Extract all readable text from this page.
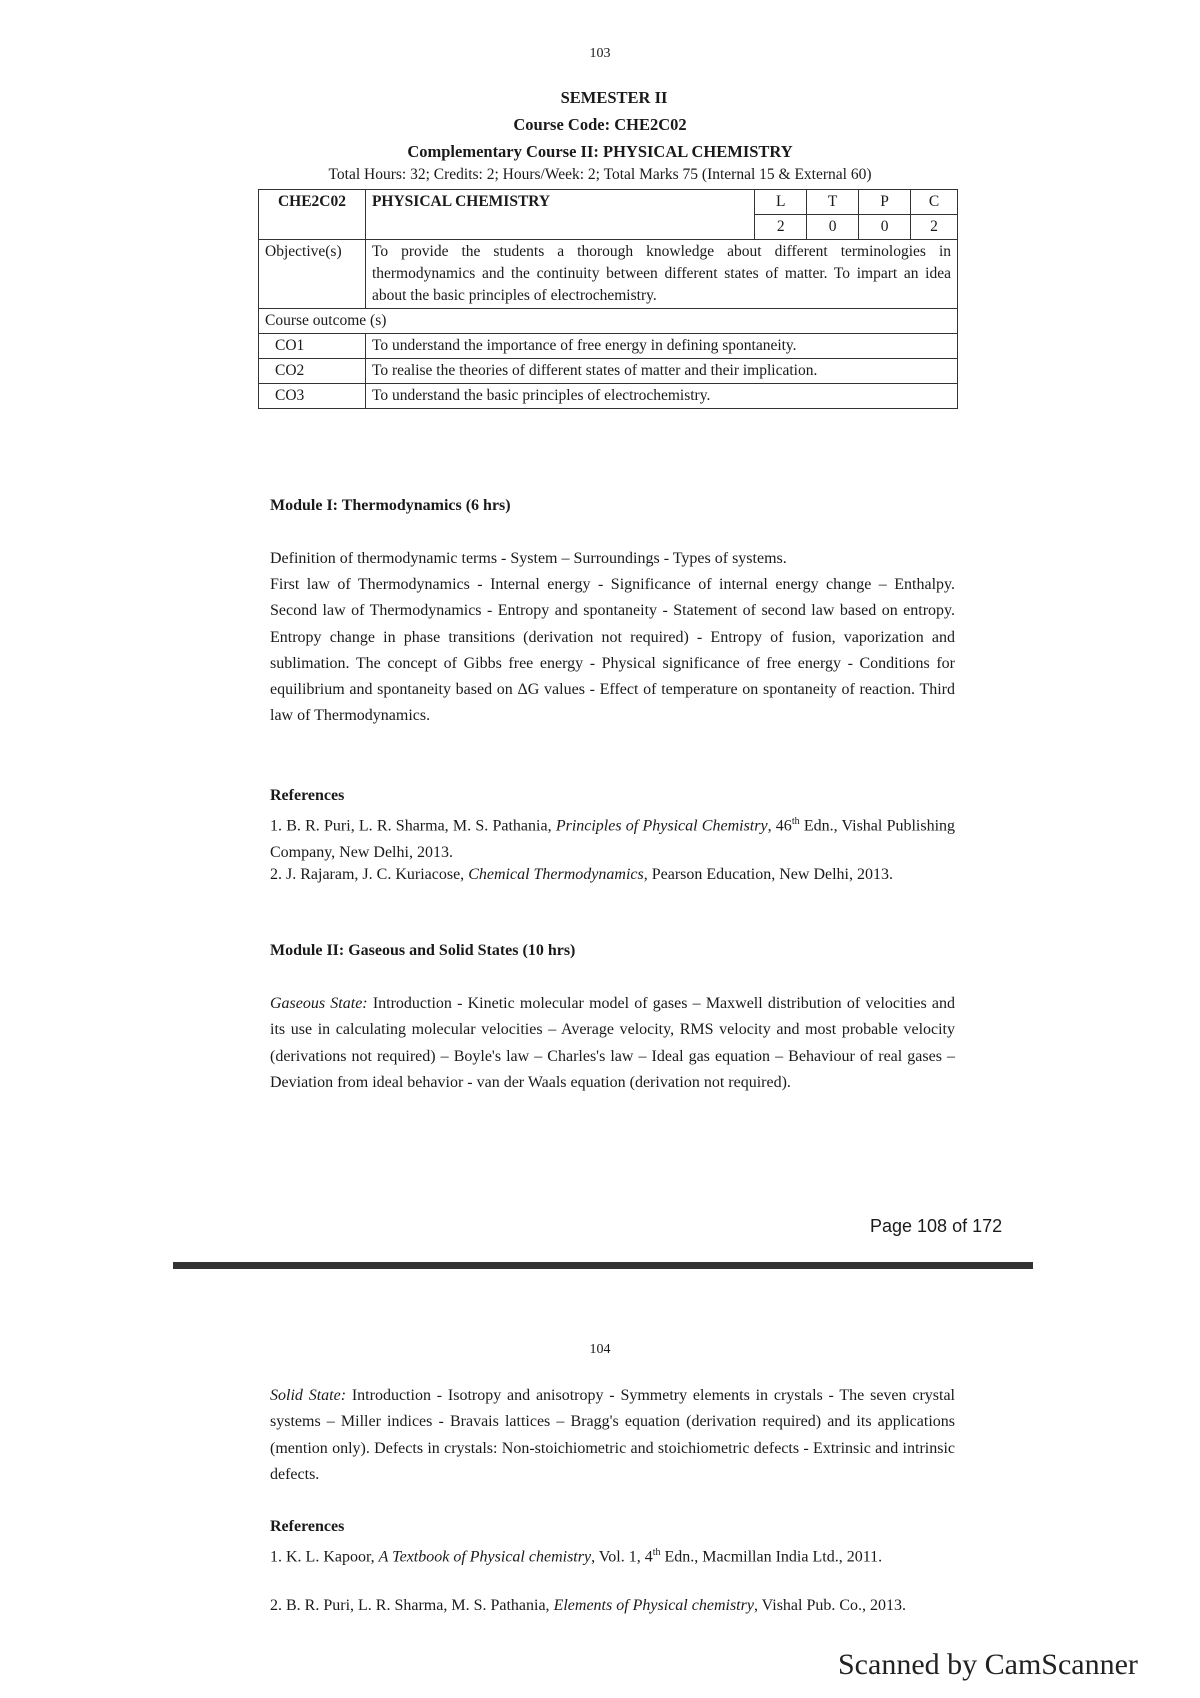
103
SEMESTER II
Course Code: CHE2C02
Complementary Course II: PHYSICAL CHEMISTRY
Total Hours: 32; Credits: 2; Hours/Week: 2; Total Marks 75 (Internal 15 & External 60)
CHE2C02	PHYSICAL CHEMISTRY	L	T	P	C
		2	0	0	2
Objective(s)	To provide the students a thorough knowledge about different terminologies in thermodynamics and the continuity between different states of matter. To impart an idea about the basic principles of electrochemistry.				
Course outcome (s)					
CO1	To understand the importance of free energy in defining spontaneity.				
CO2	To realise the theories of different states of matter and their implication.				
CO3	To understand the basic principles of electrochemistry.				
Module I: Thermodynamics (6 hrs)
Definition of thermodynamic terms - System – Surroundings - Types of systems.
First law of Thermodynamics - Internal energy - Significance of internal energy change – Enthalpy. Second law of Thermodynamics - Entropy and spontaneity - Statement of second law based on entropy. Entropy change in phase transitions (derivation not required) - Entropy of fusion, vaporization and sublimation. The concept of Gibbs free energy - Physical significance of free energy - Conditions for equilibrium and spontaneity based on ΔG values - Effect of temperature on spontaneity of reaction. Third law of Thermodynamics.
References
1. B. R. Puri, L. R. Sharma, M. S. Pathania, Principles of Physical Chemistry, 46th Edn., Vishal Publishing Company, New Delhi, 2013.
2. J. Rajaram, J. C. Kuriacose, Chemical Thermodynamics, Pearson Education, New Delhi, 2013.
Module II: Gaseous and Solid States (10 hrs)
Gaseous State: Introduction - Kinetic molecular model of gases – Maxwell distribution of velocities and its use in calculating molecular velocities – Average velocity, RMS velocity and most probable velocity (derivations not required) – Boyle's law – Charles's law – Ideal gas equation – Behaviour of real gases – Deviation from ideal behavior - van der Waals equation (derivation not required).
Page 108 of 172
104
Solid State: Introduction - Isotropy and anisotropy - Symmetry elements in crystals - The seven crystal systems – Miller indices - Bravais lattices – Bragg's equation (derivation required) and its applications (mention only). Defects in crystals: Non-stoichiometric and stoichiometric defects - Extrinsic and intrinsic defects.
References
1. K. L. Kapoor, A Textbook of Physical chemistry, Vol. 1, 4th Edn., Macmillan India Ltd., 2011.
2. B. R. Puri, L. R. Sharma, M. S. Pathania, Elements of Physical chemistry, Vishal Pub. Co., 2013.
Scanned by CamScanner
